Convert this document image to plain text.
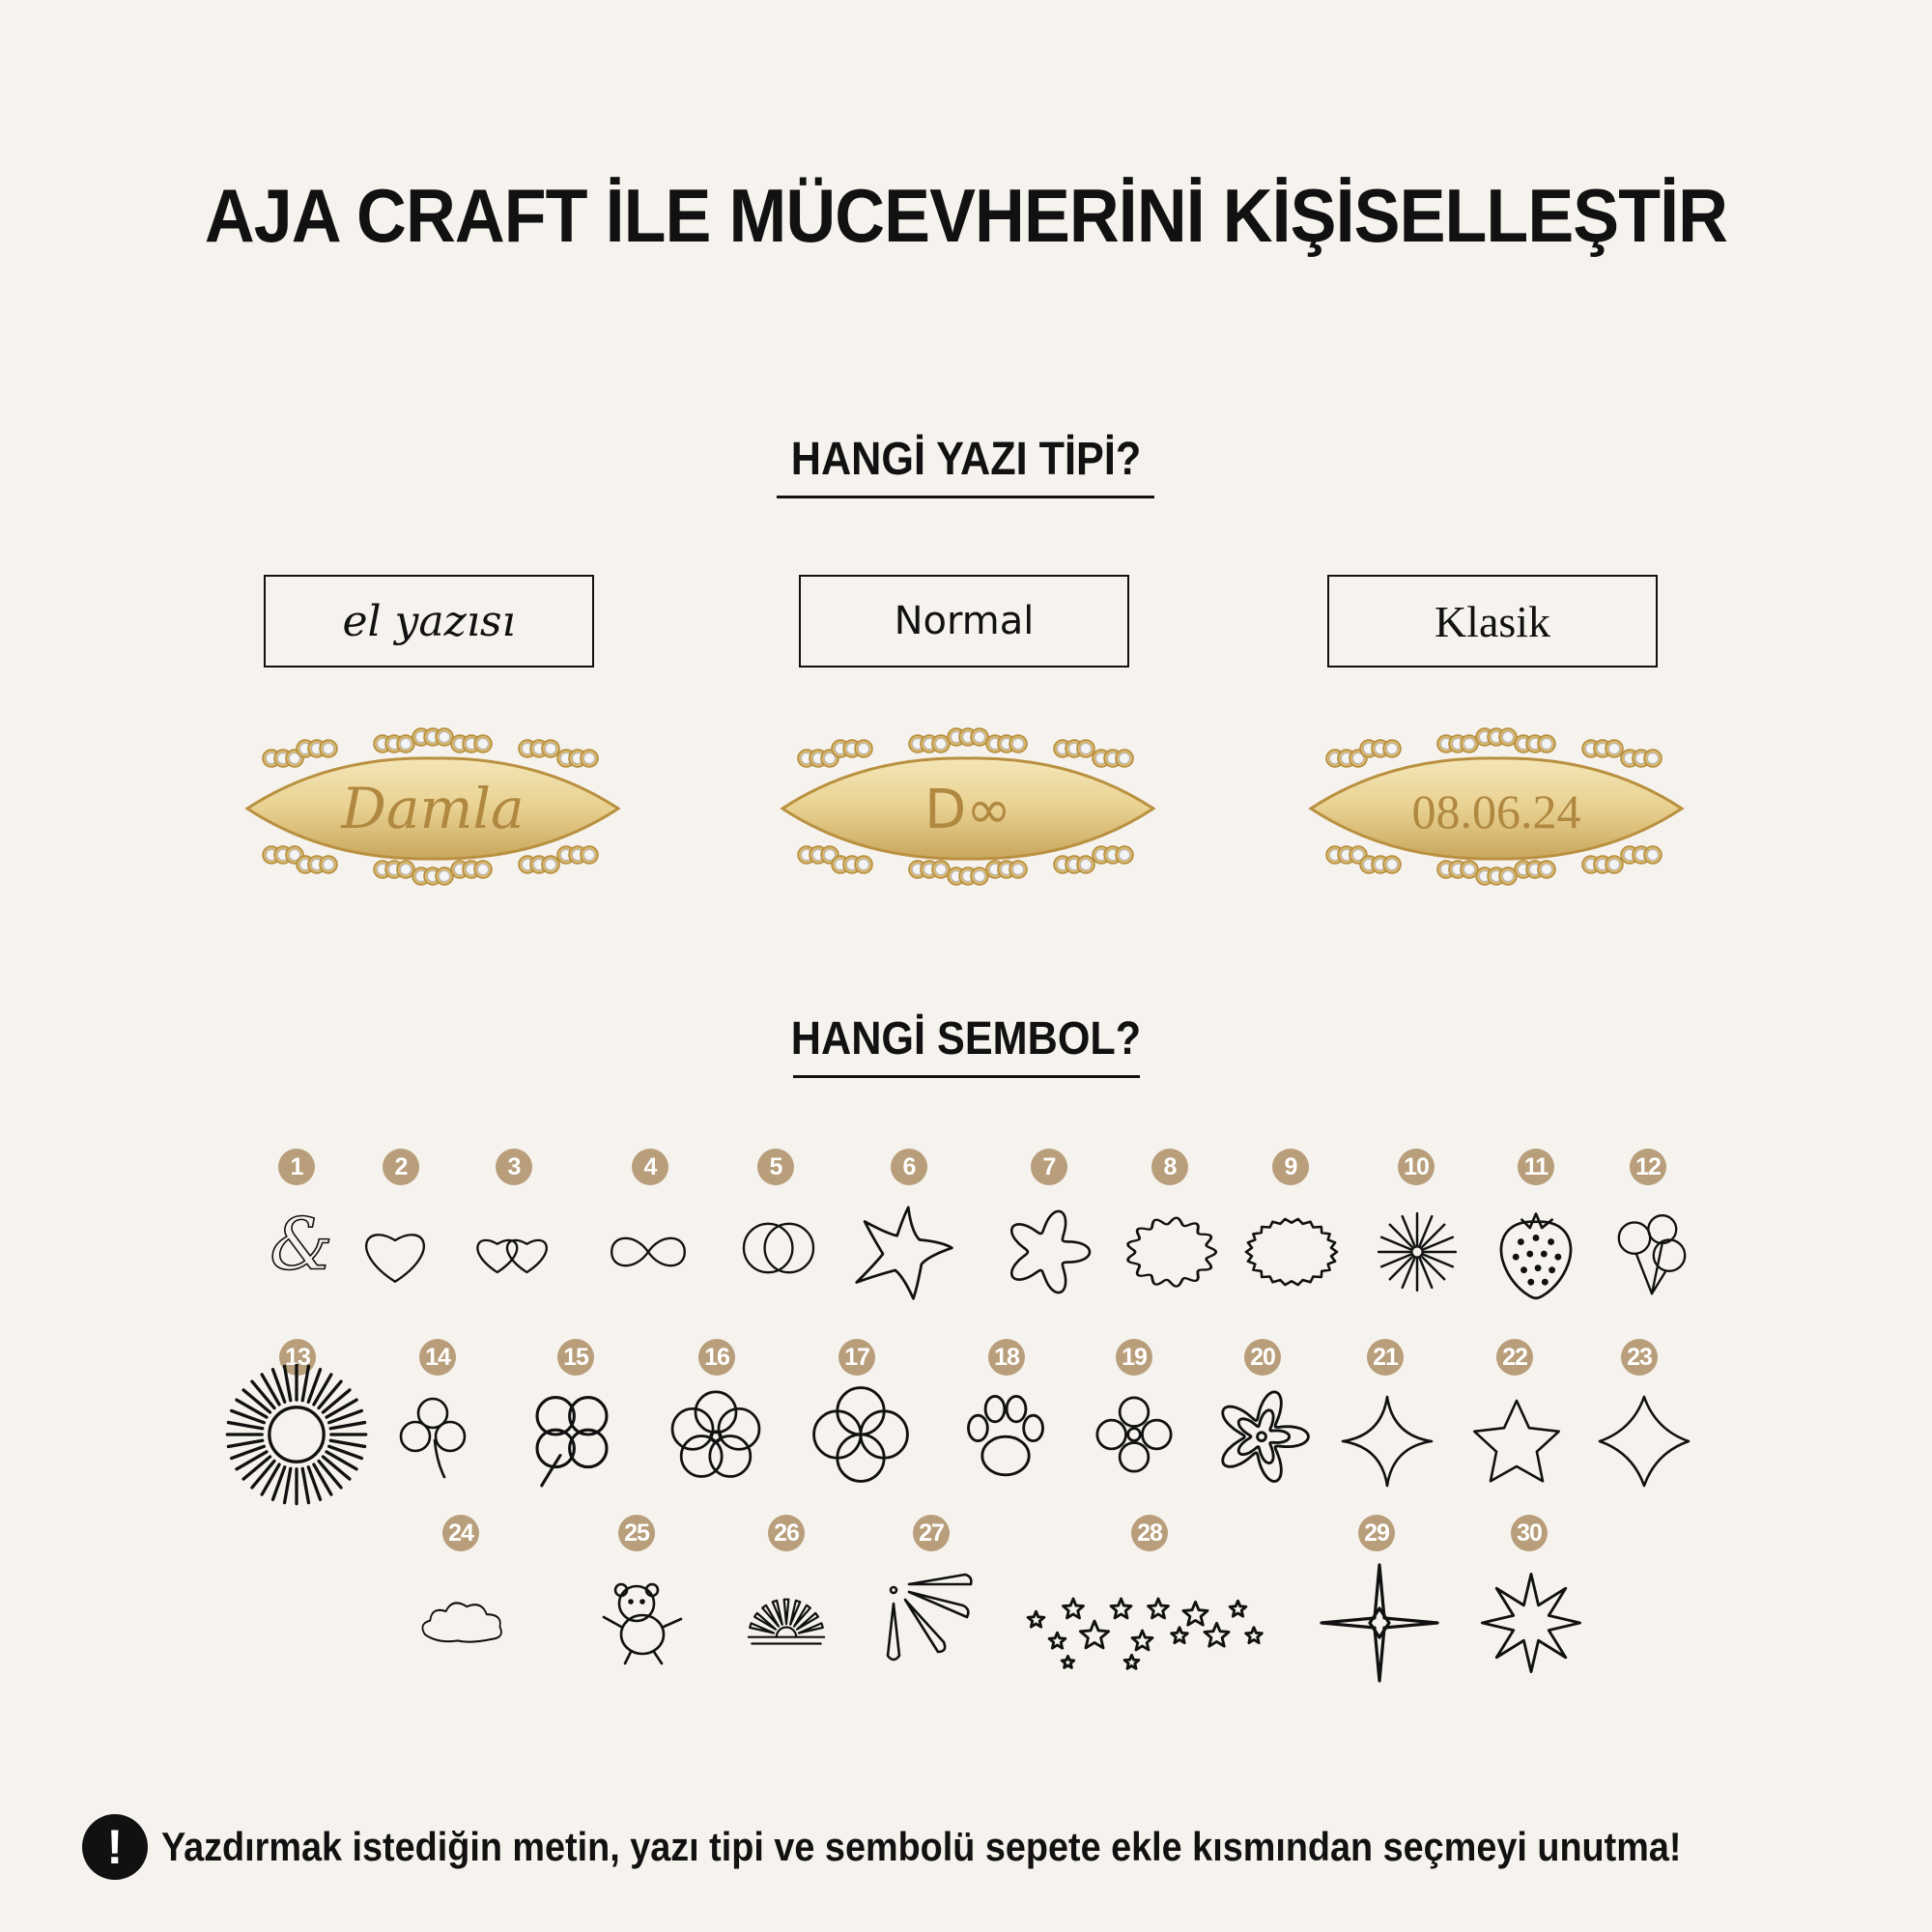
AJA CRAFT İLE MÜCEVHERİNİ KİŞİSELLEŞTİR
HANGİ YAZI TİPİ?
el yazısı	Normal	Klasik
Damla	D∞	08.06.24
HANGİ SEMBOL?
1
&
2	3	4	5	6	7	8	9	10	11	12
13	14	15	16	17	18	19	20	21	22	23
24	25	26	27	28	29	30
! Yazdırmak istediğin metin, yazı tipi ve sembolü sepete ekle kısmından seçmeyi unutma!
